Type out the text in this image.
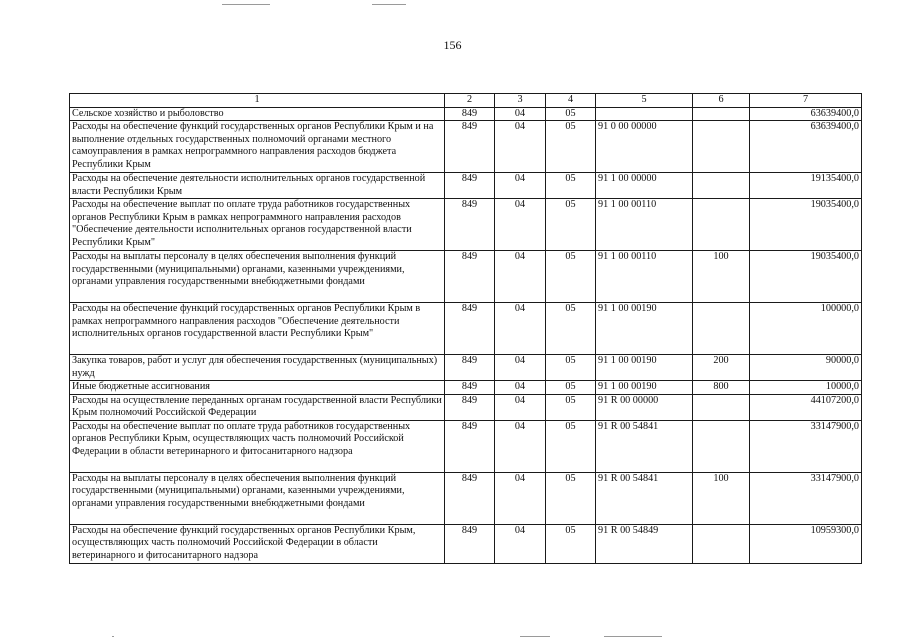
156
1	2	3	4	5	6	7
Сельское хозяйство и рыболовство	849	04	05			63639400,0
Расходы на обеспечение функций государственных органов Республики Крым и на выполнение отдельных государственных полномочий органами местного самоуправления в рамках непрограммного направления расходов бюджета Республики Крым	849	04	05	91 0 00 00000		63639400,0
Расходы на обеспечение деятельности исполнительных органов государственной власти Республики Крым	849	04	05	91 1 00 00000		19135400,0
Расходы на обеспечение выплат по оплате труда работников государственных органов Республики Крым в рамках непрограммного направления расходов "Обеспечение деятельности исполнительных органов государственной власти Республики Крым"	849	04	05	91 1 00 00110		19035400,0
Расходы на выплаты персоналу в целях обеспечения выполнения функций государственными (муниципальными) органами, казенными учреждениями, органами управления государственными внебюджетными фондами	849	04	05	91 1 00 00110	100	19035400,0
Расходы на обеспечение функций государственных органов Республики Крым в рамках непрограммного направления расходов "Обеспечение деятельности исполнительных органов государственной власти Республики Крым"	849	04	05	91 1 00 00190		100000,0
Закупка товаров, работ и услуг для обеспечения государственных (муниципальных) нужд	849	04	05	91 1 00 00190	200	90000,0
Иные бюджетные ассигнования	849	04	05	91 1 00 00190	800	10000,0
Расходы на осуществление переданных органам государственной власти Республики Крым полномочий Российской Федерации	849	04	05	91 R 00 00000		44107200,0
Расходы на обеспечение выплат по оплате труда работников государственных органов Республики Крым, осуществляющих часть полномочий Российской Федерации в области ветеринарного и фитосанитарного надзора	849	04	05	91 R 00 54841		33147900,0
Расходы на выплаты персоналу в целях обеспечения выполнения функций государственными (муниципальными) органами, казенными учреждениями, органами управления государственными внебюджетными фондами	849	04	05	91 R 00 54841	100	33147900,0
Расходы на обеспечение функций государственных органов Республики Крым, осуществляющих часть полномочий Российской Федерации в области ветеринарного и фитосанитарного надзора	849	04	05	91 R 00 54849		10959300,0
